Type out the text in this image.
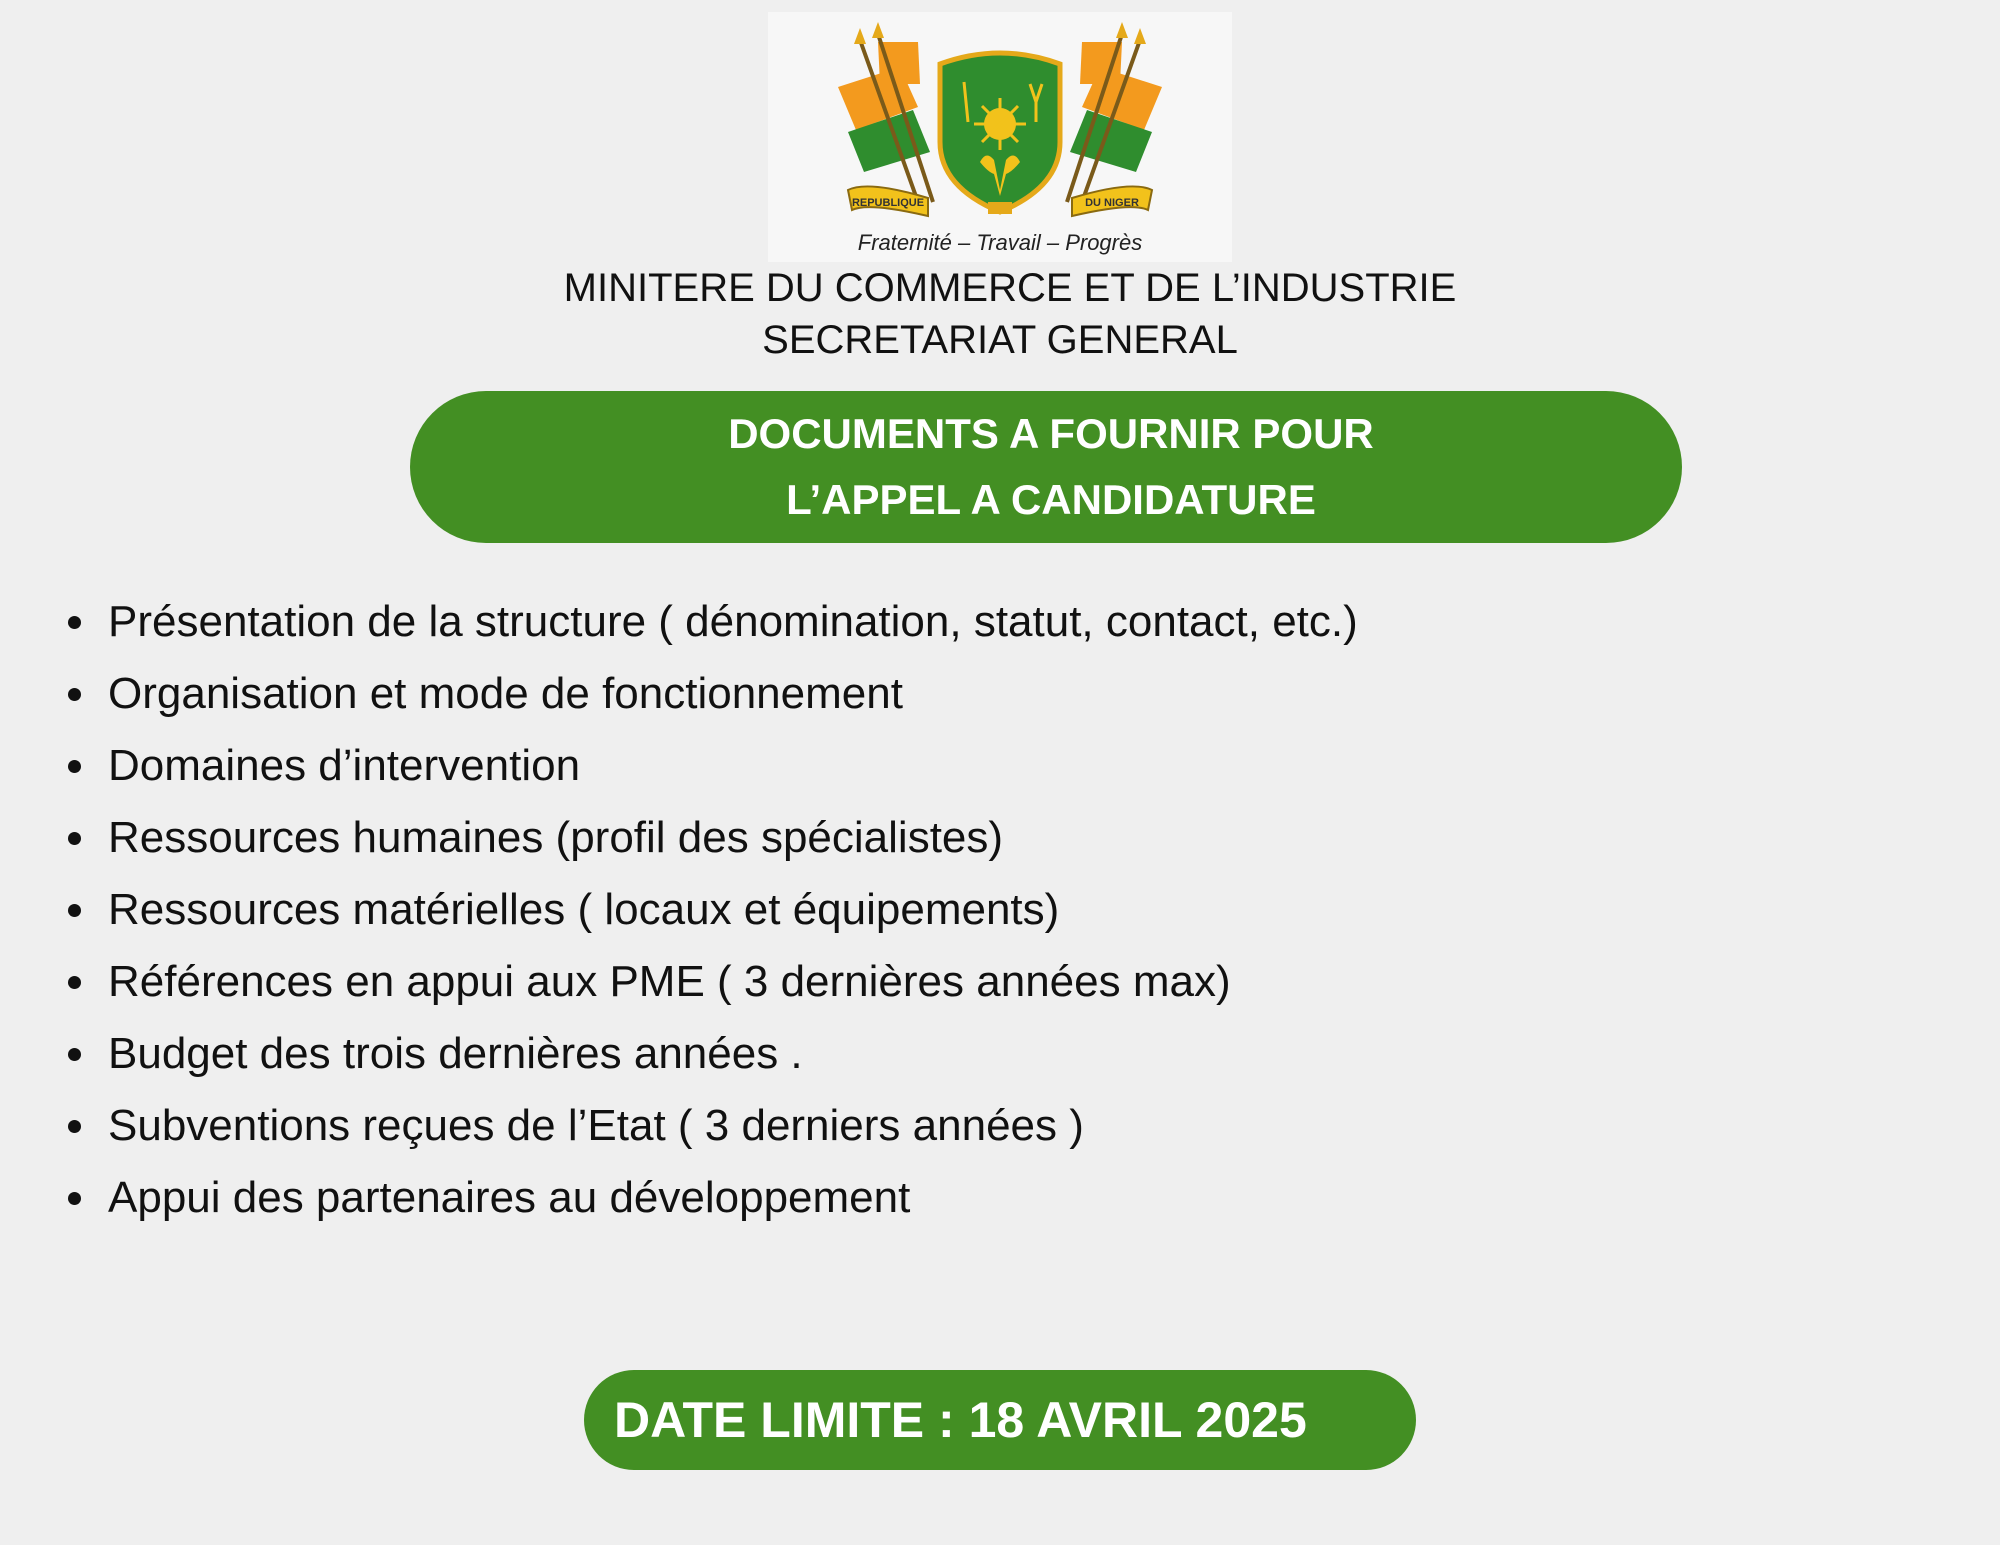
REPUBLIQUE	DU NIGER
Fraternité – Travail – Progrès
MINITERE DU COMMERCE ET DE L’INDUSTRIE
SECRETARIAT GENERAL
DOCUMENTS A FOURNIR POUR
L’APPEL A CANDIDATURE
Présentation de la structure ( dénomination, statut, contact, etc.)
Organisation et mode de fonctionnement
Domaines d’intervention
Ressources humaines (profil des spécialistes)
Ressources matérielles ( locaux et équipements)
Références en appui aux PME ( 3 dernières années max)
Budget des trois dernières années .
Subventions reçues de l’Etat ( 3 derniers années )
Appui des partenaires au développement
DATE LIMITE : 18 AVRIL 2025
